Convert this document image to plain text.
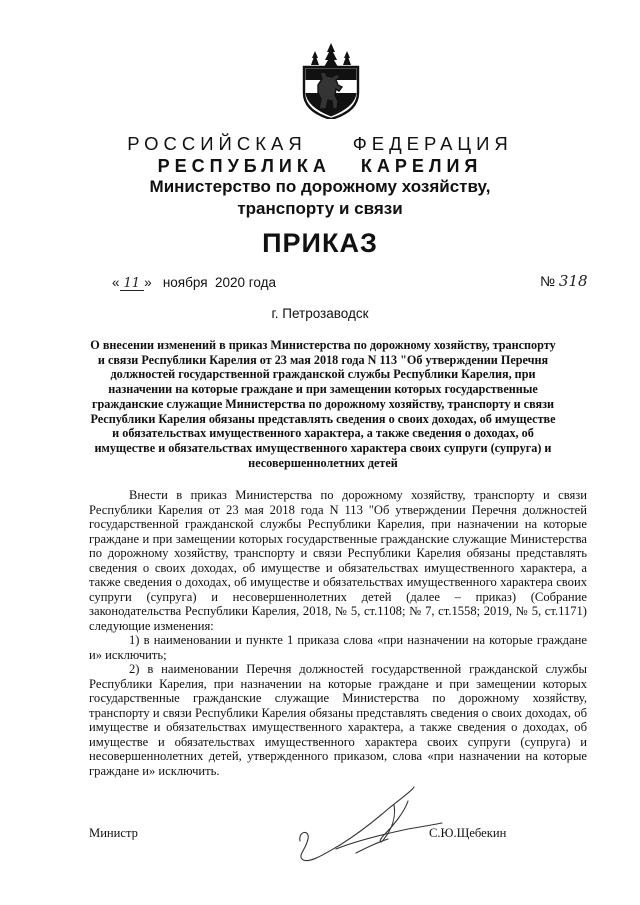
РОССИЙСКАЯ ФЕДЕРАЦИЯ
РЕСПУБЛИКА КАРЕЛИЯ
Министерство по дорожному хозяйству,
транспорту и связи
ПРИКАЗ
« 11 » ноября  2020 года	№ 318
г. Петрозаводск
О внесении изменений в приказ Министерства по дорожному хозяйству, транспорту и связи Республики Карелия от 23 мая 2018 года N 113 "Об утверждении Перечня должностей государственной гражданской службы Республики Карелия, при назначении на которые граждане и при замещении которых государственные гражданские служащие Министерства по дорожному хозяйству, транспорту и связи Республики Карелия обязаны представлять сведения о своих доходах, об имуществе и обязательствах имущественного характера, а также сведения о доходах, об имуществе и обязательствах имущественного характера своих супруги (супруга) и несовершеннолетних детей

Внести в приказ Министерства по дорожному хозяйству, транспорту и связи Республики Карелия от 23 мая 2018 года N 113 "Об утверждении Перечня должностей государственной гражданской службы Республики Карелия, при назначении на которые граждане и при замещении которых государственные гражданские служащие Министерства по дорожному хозяйству, транспорту и связи Республики Карелия обязаны представлять сведения о своих доходах, об имуществе и обязательствах имущественного характера, а также сведения о доходах, об имуществе и обязательствах имущественного характера своих супруги (супруга) и несовершеннолетних детей (далее – приказ) (Собрание законодательства Республики Карелия, 2018, № 5, ст.1108; № 7, ст.1558; 2019, № 5, ст.1171) следующие изменения:

1) в наименовании и пункте 1 приказа слова «при назначении на которые граждане и» исключить;

2) в наименовании Перечня должностей государственной гражданской службы Республики Карелия, при назначении на которые граждане и при замещении которых государственные гражданские служащие Министерства по дорожному хозяйству, транспорту и связи Республики Карелия обязаны представлять сведения о своих доходах, об имуществе и обязательствах имущественного характера, а также сведения о доходах, об имуществе и обязательствах имущественного характера своих супруги (супруга) и несовершеннолетних детей, утвержденного приказом, слова «при назначении на которые граждане и» исключить.

Министр	С.Ю.Щебекин
